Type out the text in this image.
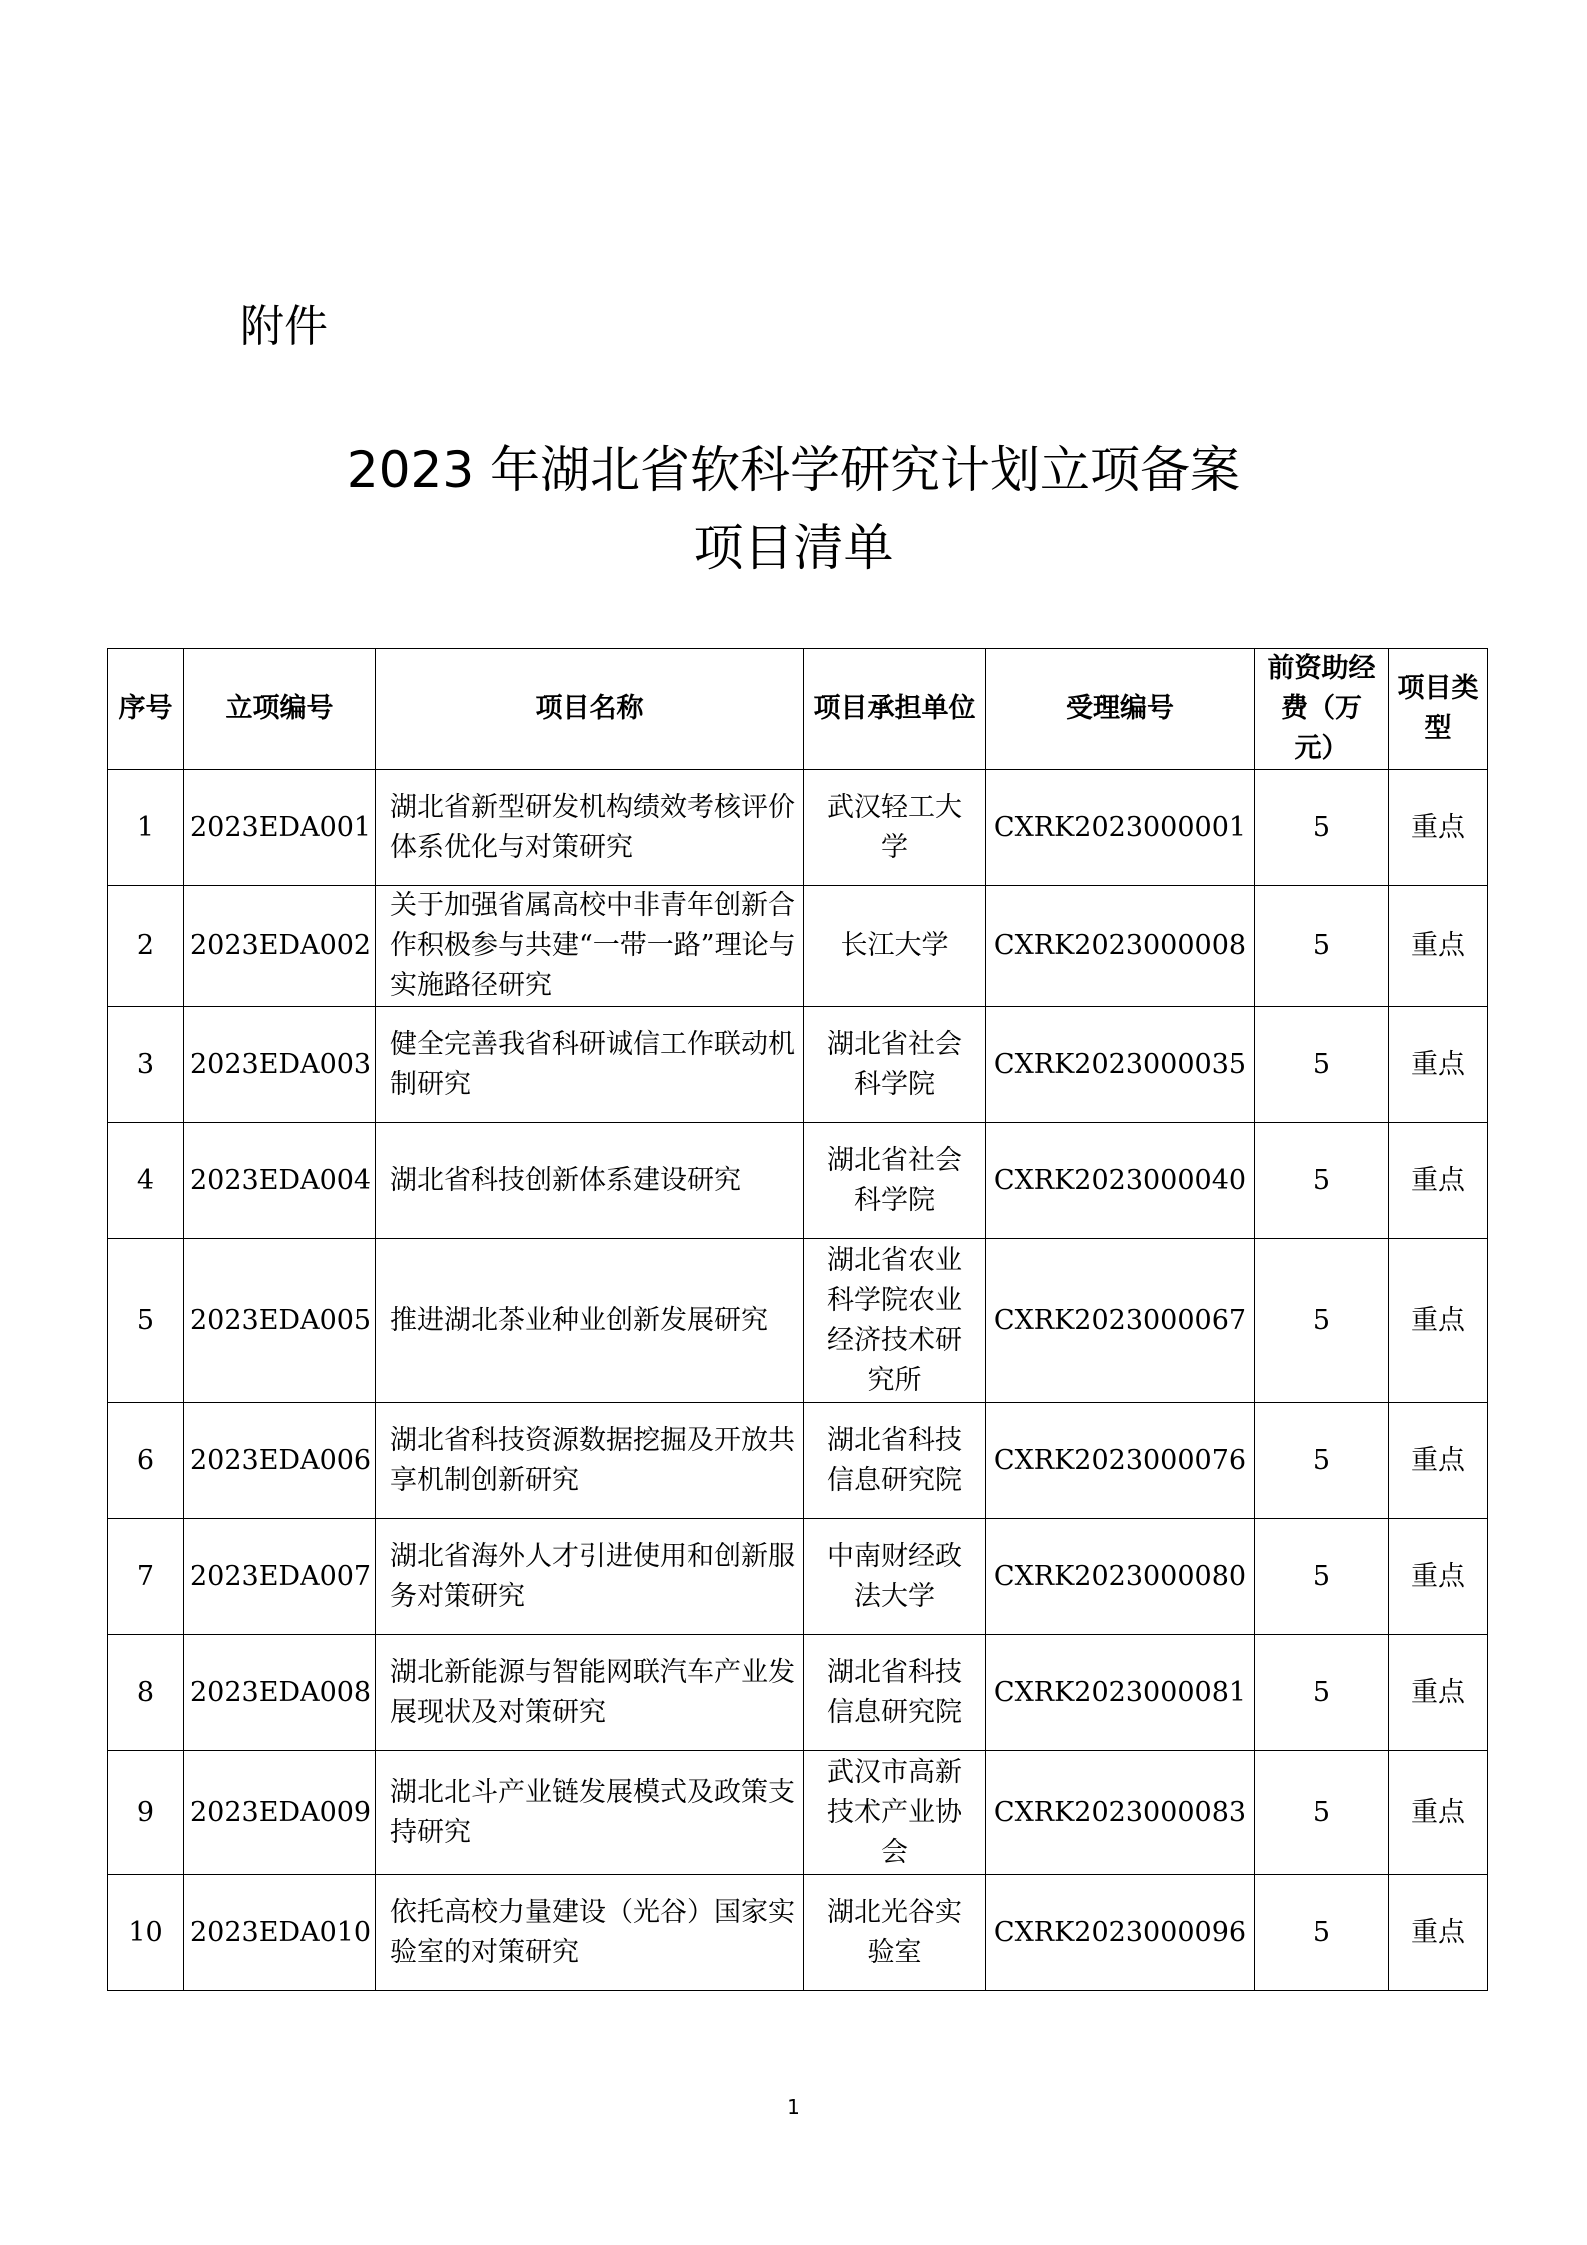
附件
2023 年湖北省软科学研究计划立项备案
项目清单
序号	立项编号	项目名称	项目承担单位	受理编号	前资助经费（万元）	项目类型
1	2023EDA001	湖北省新型研发机构绩效考核评价体系优化与对策研究	武汉轻工大学	CXRK2023000001	5	重点
2	2023EDA002	关于加强省属高校中非青年创新合作积极参与共建“一带一路”理论与实施路径研究	长江大学	CXRK2023000008	5	重点
3	2023EDA003	健全完善我省科研诚信工作联动机制研究	湖北省社会科学院	CXRK2023000035	5	重点
4	2023EDA004	湖北省科技创新体系建设研究	湖北省社会科学院	CXRK2023000040	5	重点
5	2023EDA005	推进湖北茶业种业创新发展研究	湖北省农业科学院农业经济技术研究所	CXRK2023000067	5	重点
6	2023EDA006	湖北省科技资源数据挖掘及开放共享机制创新研究	湖北省科技信息研究院	CXRK2023000076	5	重点
7	2023EDA007	湖北省海外人才引进使用和创新服务对策研究	中南财经政法大学	CXRK2023000080	5	重点
8	2023EDA008	湖北新能源与智能网联汽车产业发展现状及对策研究	湖北省科技信息研究院	CXRK2023000081	5	重点
9	2023EDA009	湖北北斗产业链发展模式及政策支持研究	武汉市高新技术产业协会	CXRK2023000083	5	重点
10	2023EDA010	依托高校力量建设（光谷）国家实验室的对策研究	湖北光谷实验室	CXRK2023000096	5	重点
1
